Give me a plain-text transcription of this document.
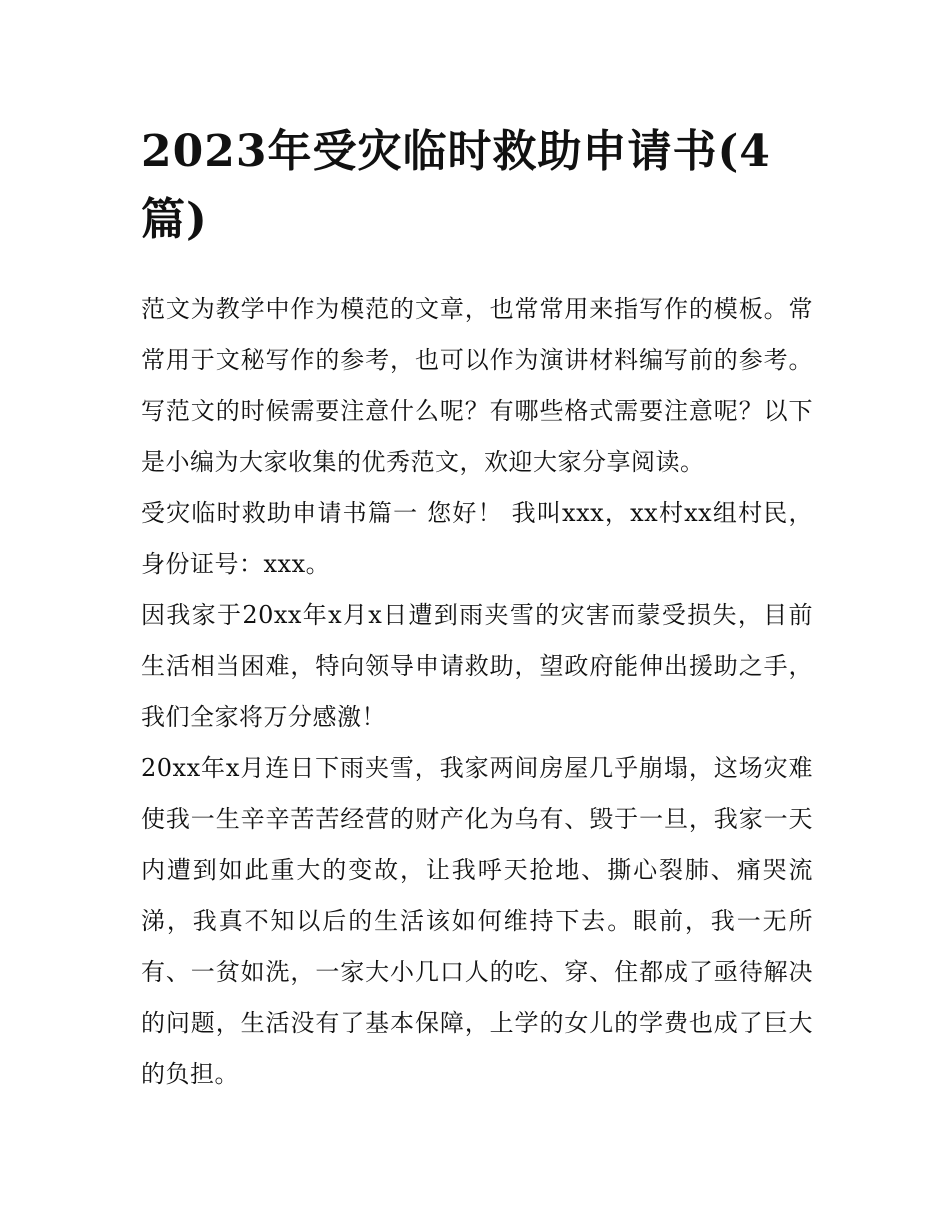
2023年受灾临时救助申请书(4篇)

范文为教学中作为模范的文章，也常常用来指写作的模板。常常用于文秘写作的参考，也可以作为演讲材料编写前的参考。写范文的时候需要注意什么呢？有哪些格式需要注意呢？以下是小编为大家收集的优秀范文，欢迎大家分享阅读。

受灾临时救助申请书篇一 您好！ 我叫xxx，xx村xx组村民，身份证号：xxx。

因我家于20xx年x月x日遭到雨夹雪的灾害而蒙受损失，目前生活相当困难，特向领导申请救助，望政府能伸出援助之手，我们全家将万分感激！

20xx年x月连日下雨夹雪，我家两间房屋几乎崩塌，这场灾难使我一生辛辛苦苦经营的财产化为乌有、毁于一旦，我家一天内遭到如此重大的变故，让我呼天抢地、撕心裂肺、痛哭流涕，我真不知以后的生活该如何维持下去。眼前，我一无所有、一贫如洗，一家大小几口人的吃、穿、住都成了亟待解决的问题，生活没有了基本保障，上学的女儿的学费也成了巨大的负担。
